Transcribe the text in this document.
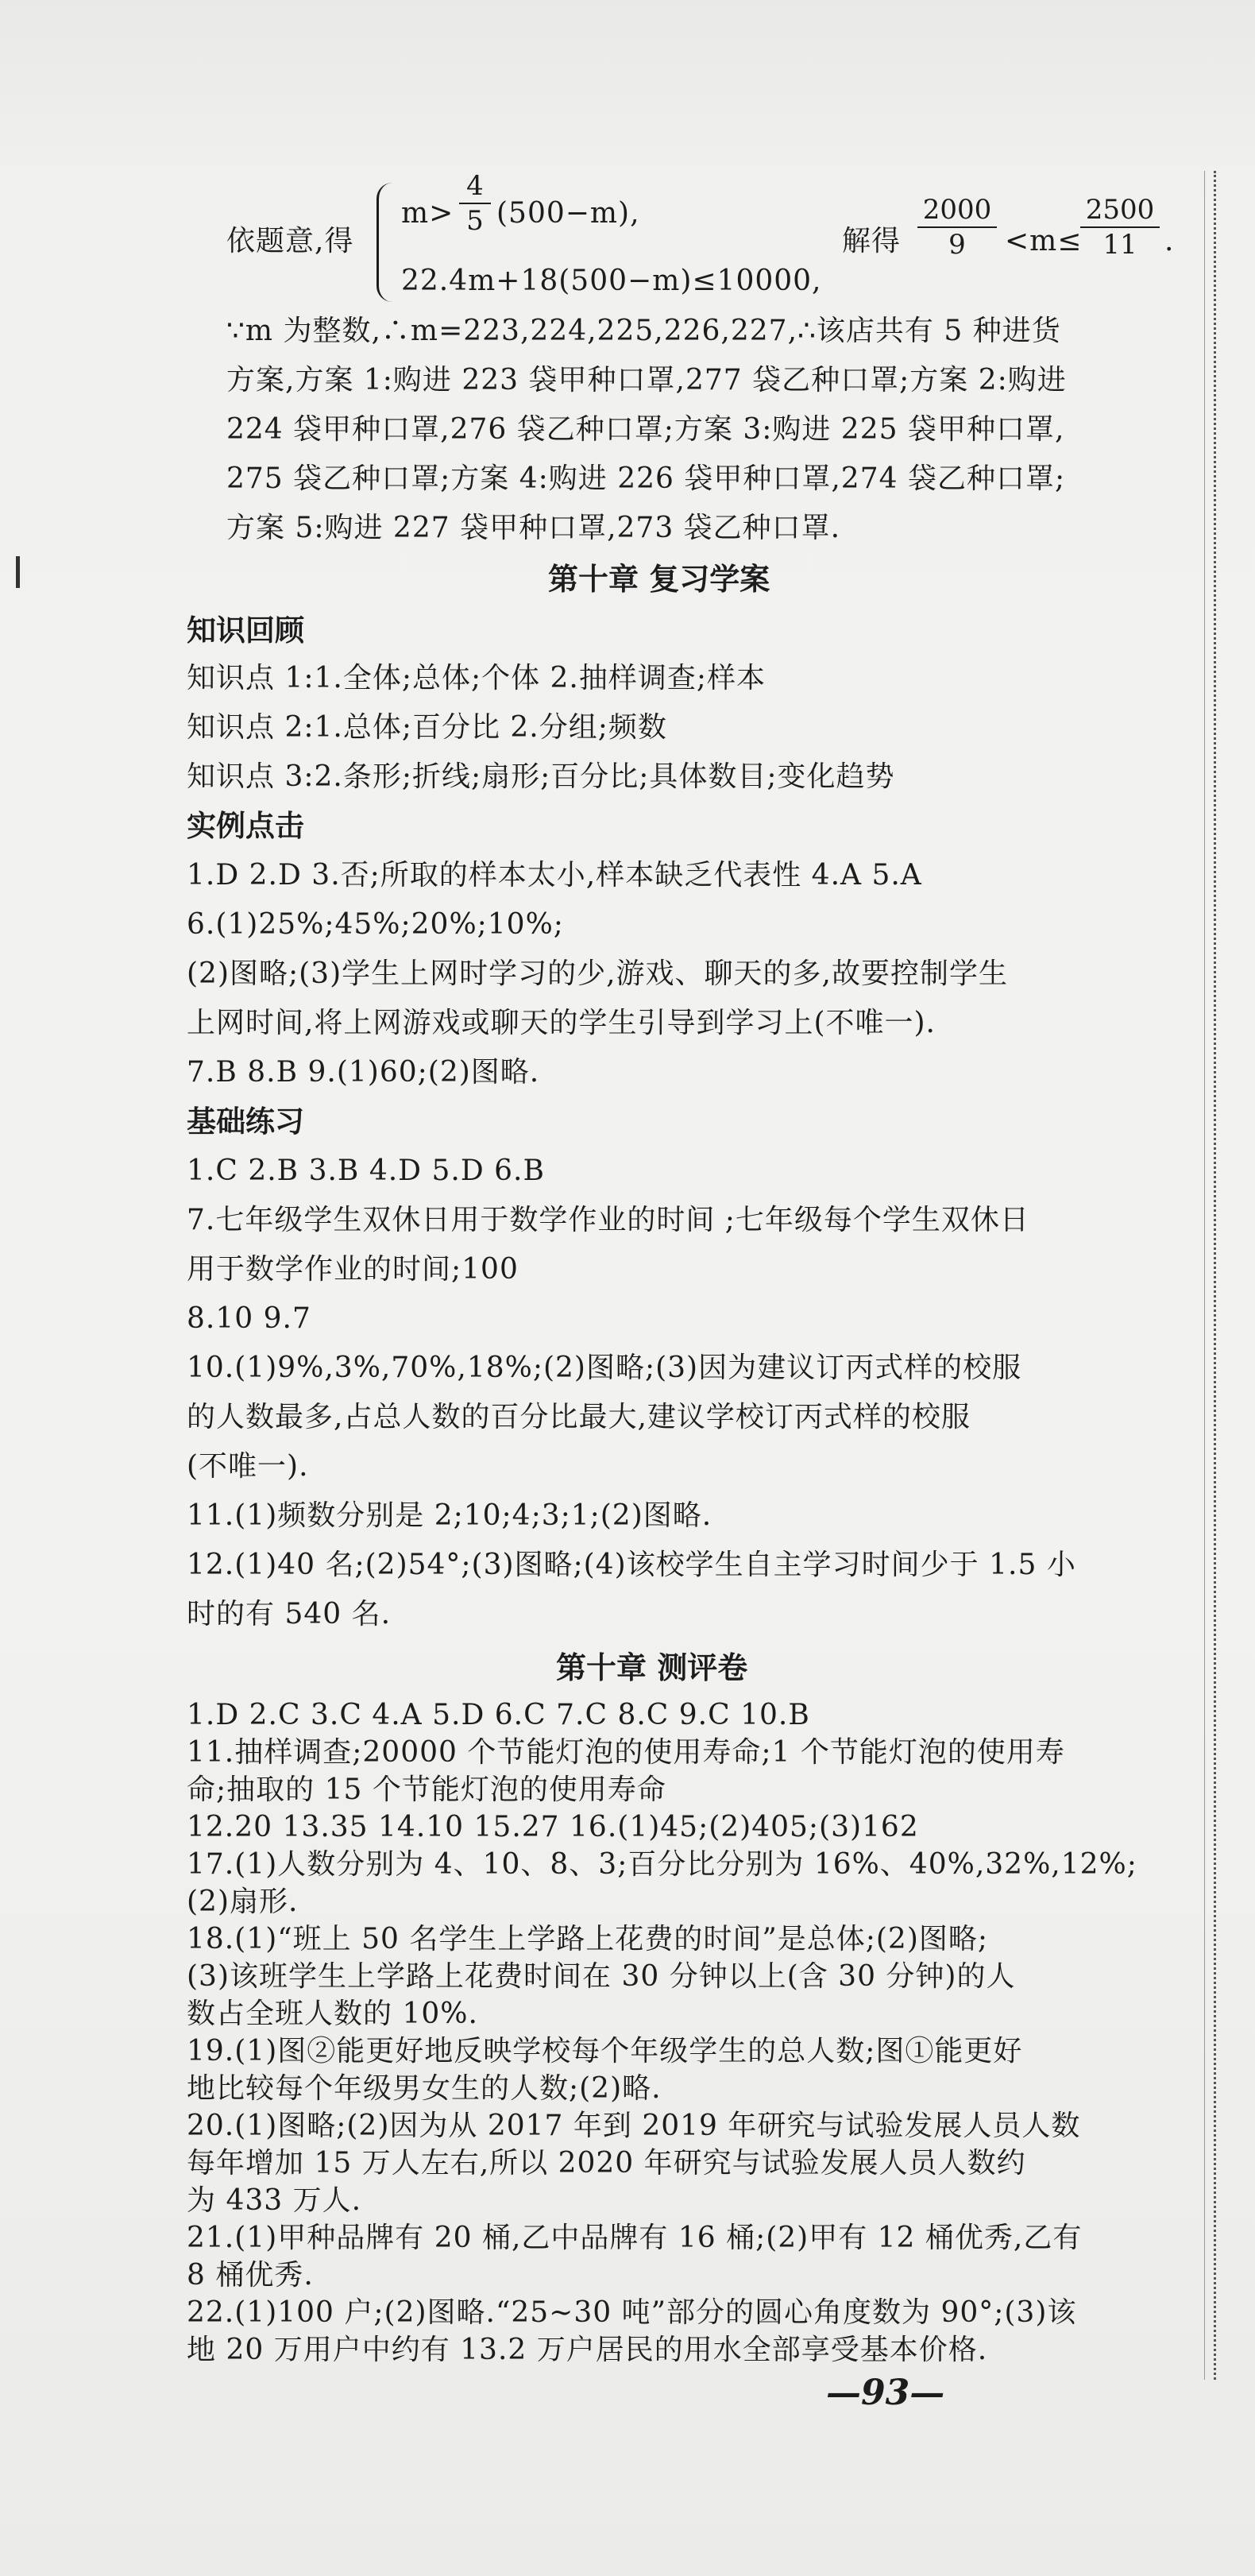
依题意,得
m>
4
5 (500−m),
22.4m+18(500−m)≤10000,
解得
2000
9	<m≤
2500
11 .
∵m 为整数,∴m=223,224,225,226,227,∴该店共有 5 种进货
方案,方案 1:购进 223 袋甲种口罩,277 袋乙种口罩;方案 2:购进
224 袋甲种口罩,276 袋乙种口罩;方案 3:购进 225 袋甲种口罩,
275 袋乙种口罩;方案 4:购进 226 袋甲种口罩,274 袋乙种口罩;
方案 5:购进 227 袋甲种口罩,273 袋乙种口罩.
第十章 复习学案
知识回顾
知识点 1:1.全体;总体;个体 2.抽样调查;样本
知识点 2:1.总体;百分比 2.分组;频数
知识点 3:2.条形;折线;扇形;百分比;具体数目;变化趋势
实例点击
1.D 2.D 3.否;所取的样本太小,样本缺乏代表性 4.A 5.A
6.(1)25%;45%;20%;10%;
(2)图略;(3)学生上网时学习的少,游戏、聊天的多,故要控制学生
上网时间,将上网游戏或聊天的学生引导到学习上(不唯一).
7.B 8.B 9.(1)60;(2)图略.
基础练习
1.C 2.B 3.B 4.D 5.D 6.B
7.七年级学生双休日用于数学作业的时间 ;七年级每个学生双休日
用于数学作业的时间;100
8.10 9.7
10.(1)9%,3%,70%,18%;(2)图略;(3)因为建议订丙式样的校服
的人数最多,占总人数的百分比最大,建议学校订丙式样的校服
(不唯一).
11.(1)频数分别是 2;10;4;3;1;(2)图略.
12.(1)40 名;(2)54°;(3)图略;(4)该校学生自主学习时间少于 1.5 小
时的有 540 名.
第十章 测评卷
1.D 2.C 3.C 4.A 5.D 6.C 7.C 8.C 9.C 10.B
11.抽样调查;20000 个节能灯泡的使用寿命;1 个节能灯泡的使用寿
命;抽取的 15 个节能灯泡的使用寿命
12.20 13.35 14.10 15.27 16.(1)45;(2)405;(3)162
17.(1)人数分别为 4、10、8、3;百分比分别为 16%、40%,32%,12%;
(2)扇形.
18.(1)“班上 50 名学生上学路上花费的时间”是总体;(2)图略;
(3)该班学生上学路上花费时间在 30 分钟以上(含 30 分钟)的人
数占全班人数的 10%.
19.(1)图②能更好地反映学校每个年级学生的总人数;图①能更好
地比较每个年级男女生的人数;(2)略.
20.(1)图略;(2)因为从 2017 年到 2019 年研究与试验发展人员人数
每年增加 15 万人左右,所以 2020 年研究与试验发展人员人数约
为 433 万人.
21.(1)甲种品牌有 20 桶,乙中品牌有 16 桶;(2)甲有 12 桶优秀,乙有
8 桶优秀.
22.(1)100 户;(2)图略.“25~30 吨”部分的圆心角度数为 90°;(3)该
地 20 万用户中约有 13.2 万户居民的用水全部享受基本价格.
—93—
